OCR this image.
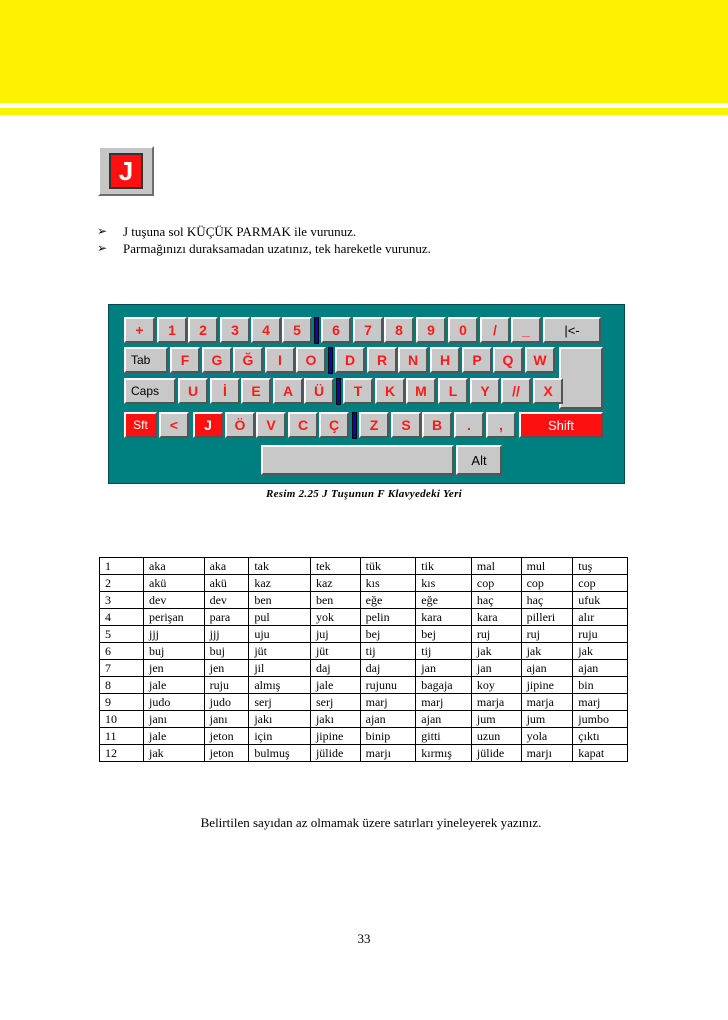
J
➢	J tuşuna sol KÜÇÜK PARMAK ile vurunuz.
➢	Parmağınızı duraksamadan uzatınız, tek hareketle vurunuz.
+	1	2	3	4	5	6	7	8	9	0	/	_	|<-
Tab	F	G	Ğ	I	O	D	R	N	H	P	Q	W
Caps	U	İ	E	A	Ü	T	K	M	L	Y	//	X
Sft	<	J	Ö	V	C	Ç	Z	S	B	.	,	Shift
Alt
Resim 2.25 J Tuşunun F Klavyedeki Yeri
1	aka	aka	tak	tek	tük	tik	mal	mul	tuş
2	akü	akü	kaz	kaz	kıs	kıs	cop	cop	cop
3	dev	dev	ben	ben	eğe	eğe	haç	haç	ufuk
4	perişan	para	pul	yok	pelin	kara	kara	pilleri	alır
5	jjj	jjj	uju	juj	bej	bej	ruj	ruj	ruju
6	buj	buj	jüt	jüt	tij	tij	jak	jak	jak
7	jen	jen	jil	daj	daj	jan	jan	ajan	ajan
8	jale	ruju	almış	jale	rujunu	bagaja	koy	jipine	bin
9	judo	judo	serj	serj	marj	marj	marja	marja	marj
10	janı	janı	jakı	jakı	ajan	ajan	jum	jum	jumbo
11	jale	jeton	için	jipine	binip	gitti	uzun	yola	çıktı
12	jak	jeton	bulmuş	jülide	marjı	kırmış	jülide	marjı	kapat
Belirtilen sayıdan az olmamak üzere satırları yineleyerek yazınız.
33
